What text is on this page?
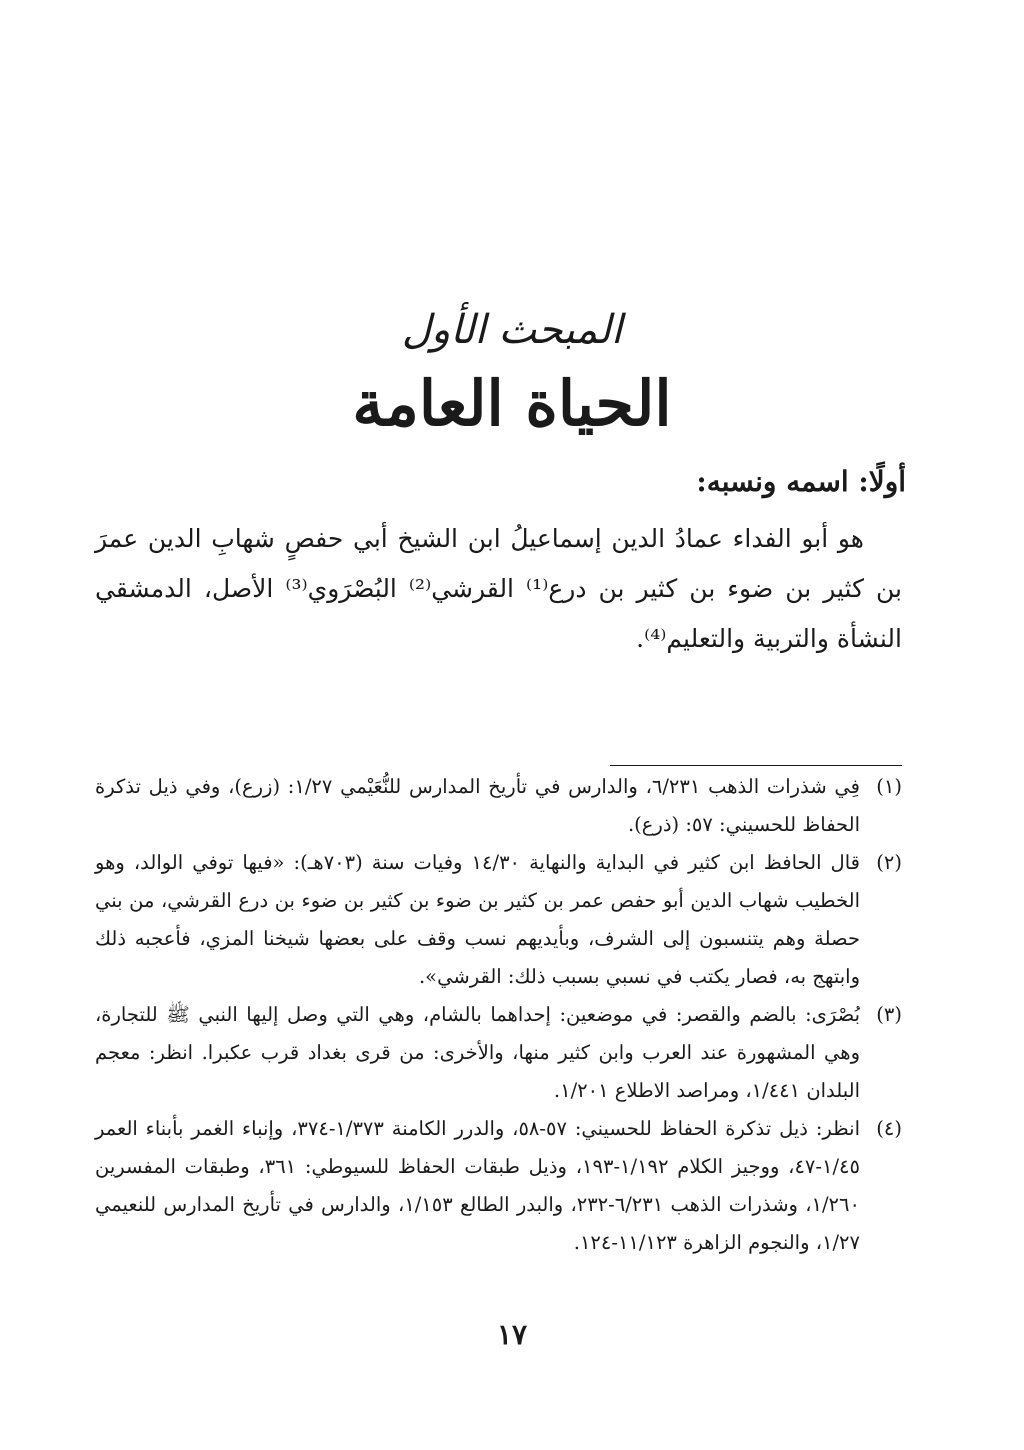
المبحث الأول
الحياة العامة
أولًا: اسمه ونسبه:

هو أبو الفداء عمادُ الدين إسماعيلُ ابن الشيخ أبي حفصٍ شهابِ الدين عمرَ بن كثير بن ضوء بن كثير بن درع⁽¹⁾ القرشي⁽²⁾ البُصْرَوي⁽³⁾ الأصل، الدمشقي النشأة والتربية والتعليم⁽⁴⁾.

(١)
فِي شذرات الذهب ٦/٢٣١، والدارس في تأريخ المدارس للنُّعَيْمي ١/٢٧: (زرع)، وفي ذيل تذكرة الحفاظ للحسيني: ٥٧: (ذرع).
(٢)
قال الحافظ ابن كثير في البداية والنهاية ١٤/٣٠ وفيات سنة (٧٠٣هـ): «فيها توفي الوالد، وهو الخطيب شهاب الدين أبو حفص عمر بن كثير بن ضوء بن كثير بن ضوء بن درع القرشي، من بني حصلة وهم يتنسبون إلى الشرف، وبأيديهم نسب وقف على بعضها شيخنا المزي، فأعجبه ذلك وابتهج به، فصار يكتب في نسبي بسبب ذلك: القرشي».
(٣)
بُصْرَى: بالضم والقصر: في موضعين: إحداهما بالشام، وهي التي وصل إليها النبي ﷺ للتجارة، وهي المشهورة عند العرب وابن كثير منها، والأخرى: من قرى بغداد قرب عكبرا. انظر: معجم البلدان ١/٤٤١، ومراصد الاطلاع ١/٢٠١.
(٤)
انظر: ذيل تذكرة الحفاظ للحسيني: ٥٧-٥٨، والدرر الكامنة ١/٣٧٣-٣٧٤، وإنباء الغمر بأبناء العمر ١/٤٥-٤٧، ووجيز الكلام ١/١٩٢-١٩٣، وذيل طبقات الحفاظ للسيوطي: ٣٦١، وطبقات المفسرين ١/٢٦٠، وشذرات الذهب ٦/٢٣١-٢٣٢، والبدر الطالع ١/١٥٣، والدارس في تأريخ المدارس للنعيمي ١/٢٧، والنجوم الزاهرة ١١/١٢٣-١٢٤.
١٧
